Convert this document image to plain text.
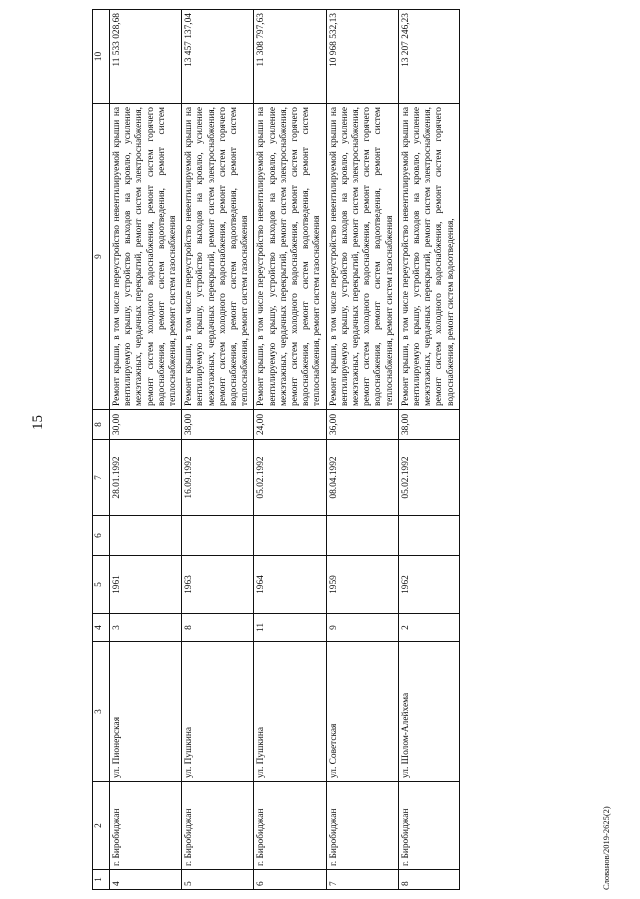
15
1	2	3	4	5	6	7	8	9	10
4	г. Биробиджан	ул. Пионерская	3	1961		28.01.1992	30,00	Ремонт крыши, в том числе переустройство невентилируемой крыши на вентилируемую крышу, устройство выходов на кровлю, усиление межэтажных, чердачных перекрытий, ремонт систем электроснабжения, ремонт систем холодного водоснабжения, ремонт систем горячего водоснабжения, ремонт систем водоотведения, ремонт систем теплоснабжения, ремонт систем газоснабжения	11 533 028,68
5	г. Биробиджан	ул. Пушкина	8	1963		16.09.1992	38,00	Ремонт крыши, в том числе переустройство невентилируемой крыши на вентилируемую крышу, устройство выходов на кровлю, усиление межэтажных, чердачных перекрытий, ремонт систем электроснабжения, ремонт систем холодного водоснабжения, ремонт систем горячего водоснабжения, ремонт систем водоотведения, ремонт систем теплоснабжения, ремонт систем газоснабжения	13 457 137,04
6	г. Биробиджан	ул. Пушкина	11	1964		05.02.1992	24,00	Ремонт крыши, в том числе переустройство невентилируемой крыши на вентилируемую крышу, устройство выходов на кровлю, усиление межэтажных, чердачных перекрытий, ремонт систем электроснабжения, ремонт систем холодного водоснабжения, ремонт систем горячего водоснабжения, ремонт систем водоотведения, ремонт систем теплоснабжения, ремонт систем газоснабжения	11 308 797,63
7	г. Биробиджан	ул. Советская	9	1959		08.04.1992	36,00	Ремонт крыши, в том числе переустройство невентилируемой крыши на вентилируемую крышу, устройство выходов на кровлю, усиление межэтажных, чердачных перекрытий, ремонт систем электроснабжения, ремонт систем холодного водоснабжения, ремонт систем горячего водоснабжения, ремонт систем водоотведения, ремонт систем теплоснабжения, ремонт систем газоснабжения	10 968 532,13
8	г. Биробиджан	ул. Шолом-Алейхема	2	1962		05.02.1992	38,00	Ремонт крыши, в том числе переустройство невентилируемой крыши на вентилируемую крышу, устройство выходов на кровлю, усиление межэтажных, чердачных перекрытий, ремонт систем электроснабжения, ремонт систем холодного водоснабжения, ремонт систем горячего водоснабжения, ремонт систем водоотведения,	13 207 246,23
Слованов/2019-2625(2)
